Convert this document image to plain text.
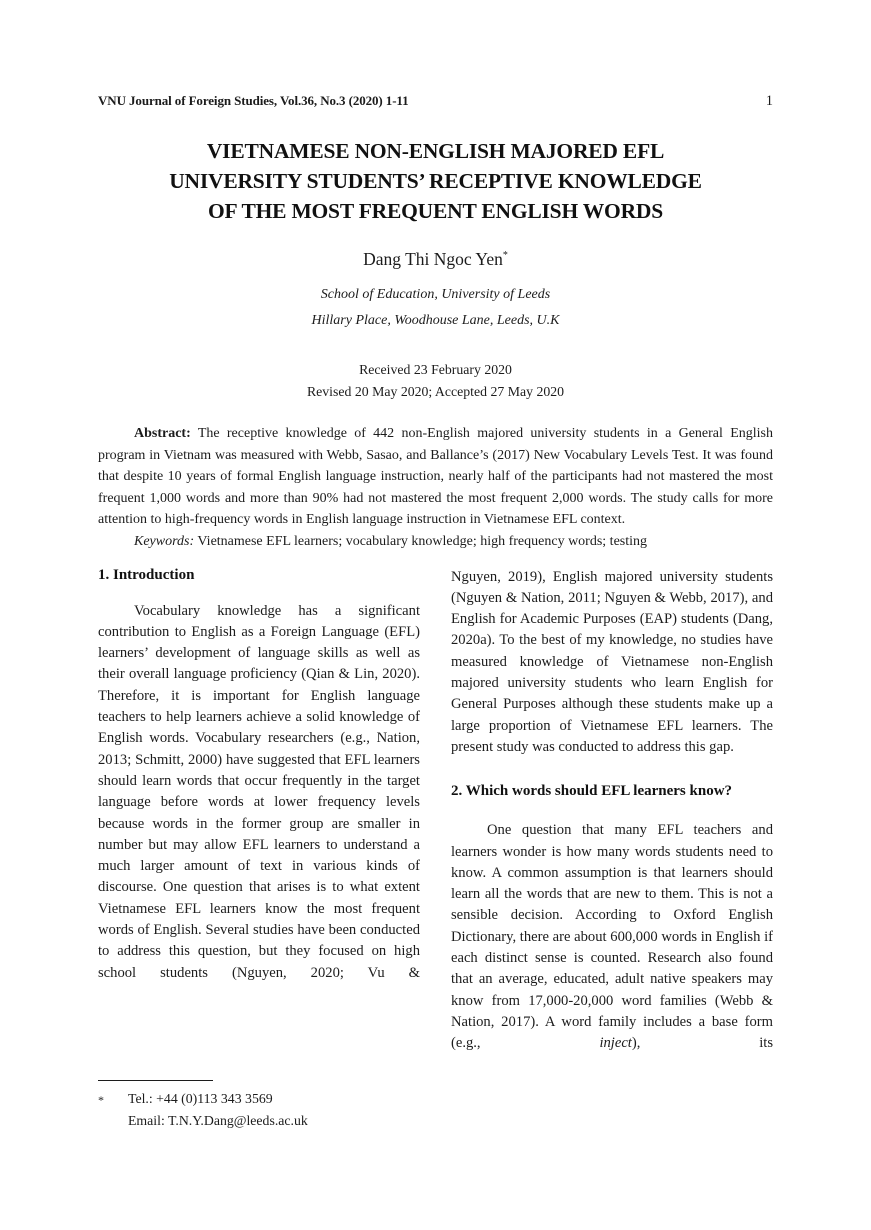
VNU Journal of Foreign Studies, Vol.36, No.3 (2020) 1-11	1
VIETNAMESE NON-ENGLISH MAJORED EFL
UNIVERSITY STUDENTS’ RECEPTIVE KNOWLEDGE
OF THE MOST FREQUENT ENGLISH WORDS
Dang Thi Ngoc Yen*
School of Education, University of Leeds
Hillary Place, Woodhouse Lane, Leeds, U.K
Received 23 February 2020
Revised 20 May 2020; Accepted 27 May 2020

Abstract: The receptive knowledge of 442 non-English majored university students in a General English program in Vietnam was measured with Webb, Sasao, and Ballance’s (2017) New Vocabulary Levels Test. It was found that despite 10 years of formal English language instruction, nearly half of the participants had not mastered the most frequent 1,000 words and more than 90% had not mastered the most frequent 2,000 words. The study calls for more attention to high-frequency words in English language instruction in Vietnamese EFL context.

Keywords: Vietnamese EFL learners; vocabulary knowledge; high frequency words; testing

1. Introduction

Vocabulary knowledge has a significant contribution to English as a Foreign Language (EFL) learners’ development of language skills as well as their overall language proficiency (Qian & Lin, 2020). Therefore, it is important for English language teachers to help learners achieve a solid knowledge of English words. Vocabulary researchers (e.g., Nation, 2013; Schmitt, 2000) have suggested that EFL learners should learn words that occur frequently in the target language before words at lower frequency levels because words in the former group are smaller in number but may allow EFL learners to understand a much larger amount of text in various kinds of discourse. One question that arises is to what extent Vietnamese EFL learners know the most frequent words of English. Several studies have been conducted to address this question, but they focused on high school students (Nguyen, 2020; Vu &

Nguyen, 2019), English majored university students (Nguyen & Nation, 2011; Nguyen & Webb, 2017), and English for Academic Purposes (EAP) students (Dang, 2020a). To the best of my knowledge, no studies have measured knowledge of Vietnamese non-English majored university students who learn English for General Purposes although these students make up a large proportion of Vietnamese EFL learners. The present study was conducted to address this gap.

2. Which words should EFL learners know?

One question that many EFL teachers and learners wonder is how many words students need to know. A common assumption is that learners should learn all the words that are new to them. This is not a sensible decision. According to Oxford English Dictionary, there are about 600,000 words in English if each distinct sense is counted. Research also found that an average, educated, adult native speakers may know from 17,000-20,000 word families (Webb & Nation, 2017). A word family includes a base form (e.g., inject), its

*	Tel.: +44 (0)113 343 3569
Email: T.N.Y.Dang@leeds.ac.uk
